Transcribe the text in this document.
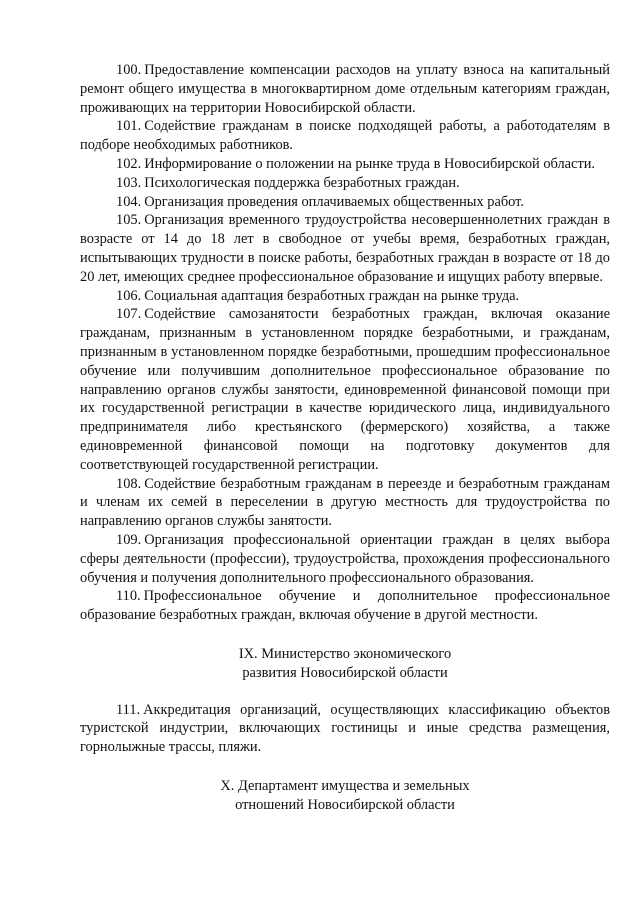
100. Предоставление компенсации расходов на уплату взноса на капитальный ремонт общего имущества в многоквартирном доме отдельным категориям граждан, проживающих на территории Новосибирской области.

101. Содействие гражданам в поиске подходящей работы, а работодателям в подборе необходимых работников.

102. Информирование о положении на рынке труда в Новосибирской области.

103. Психологическая поддержка безработных граждан.

104. Организация проведения оплачиваемых общественных работ.

105. Организация временного трудоустройства несовершеннолетних граждан в возрасте от 14 до 18 лет в свободное от учебы время, безработных граждан, испытывающих трудности в поиске работы, безработных граждан в возрасте от 18 до 20 лет, имеющих среднее профессиональное образование и ищущих работу впервые.

106. Социальная адаптация безработных граждан на рынке труда.

107. Содействие самозанятости безработных граждан, включая оказание гражданам, признанным в установленном порядке безработными, и гражданам, признанным в установленном порядке безработными, прошедшим профессиональное обучение или получившим дополнительное профессиональное образование по направлению органов службы занятости, единовременной финансовой помощи при их государственной регистрации в качестве юридического лица, индивидуального предпринимателя либо крестьянского (фермерского) хозяйства, а также единовременной финансовой помощи на подготовку документов для соответствующей государственной регистрации.

108. Содействие безработным гражданам в переезде и безработным гражданам и членам их семей в переселении в другую местность для трудоустройства по направлению органов службы занятости.

109. Организация профессиональной ориентации граждан в целях выбора сферы деятельности (профессии), трудоустройства, прохождения профессионального обучения и получения дополнительного профессионального образования.

110. Профессиональное обучение и дополнительное профессиональное образование безработных граждан, включая обучение в другой местности.

IX. Министерство экономического
развития Новосибирской области

111. Аккредитация организаций, осуществляющих классификацию объектов туристской индустрии, включающих гостиницы и иные средства размещения, горнолыжные трассы, пляжи.

X. Департамент имущества и земельных
отношений Новосибирской области
